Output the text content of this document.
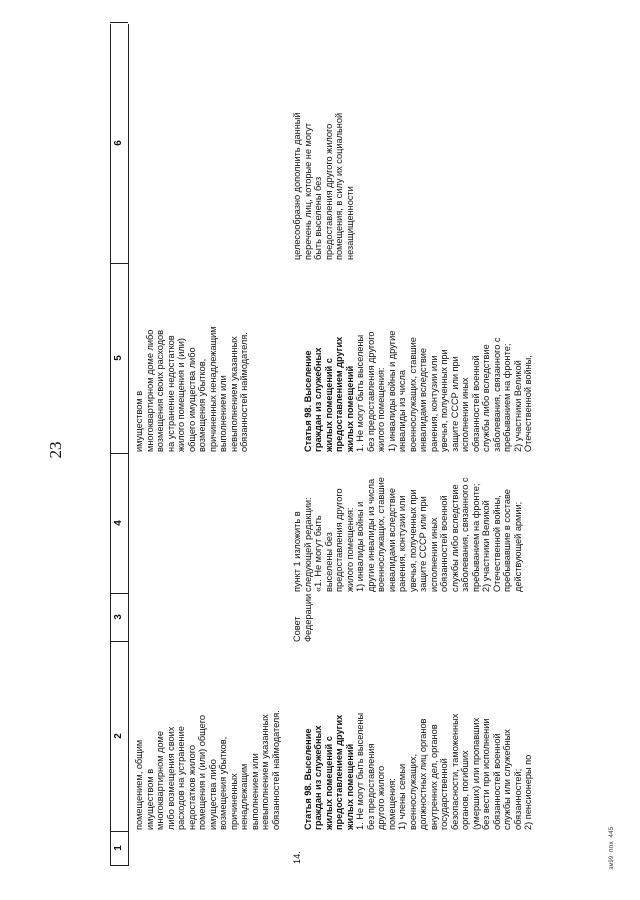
23
1
2
3
4
5
6
помещением, общим
имуществом в
многоквартирном доме
либо возмещения своих
расходов на устранение
недостатков жилого
помещения и (или) общего
имущества либо
возмещения убытков,
причиненных
ненадлежащим
выполнением или
невыполнением указанных
обязанностей наймодателя.
имуществом в
многоквартирном доме либо
возмещения своих расходов
на устранение недостатков
жилого помещения и (или)
общего имущества либо
возмещения убытков,
причиненных ненадлежащим
выполнением или
невыполнением указанных
обязанностей наймодателя.
14.

Статья 98. Выселение
граждан из служебных
жилых помещений с
предоставлением других
жилых помещений

1. Не могут быть выселены
без предоставления
другого жилого
помещения:
1) члены семьи
военнослужащих,
должностных лиц органов
внутренних дел, органов
государственной
безопасности, таможенных
органов, погибших
(умерших) или пропавших
без вести при исполнении
обязанностей военной
службы или служебных
обязанностей;
2) пенсионеры по

Совет
Федерации
пункт 1 изложить в
следующей редакции:
«1. Не могут быть
выселены без
предоставления другого
жилого помещения:
1) инвалиды войны и
другие инвалиды из числа
военнослужащих, ставшие
инвалидами вследствие
ранения, контузии или
увечья, полученных при
защите СССР или при
исполнении иных
обязанностей военной
службы либо вследствие
заболевания, связанного с
пребыванием на фронте;
2) участники Великой
Отечественной войны,
пребывавшие в составе
действующей армии;

Статья 98. Выселение
граждан из служебных
жилых помещений с
предоставлением других
жилых помещений

1. Не могут быть выселены
без предоставления другого
жилого помещения:
1) инвалиды войны и другие
инвалиды из числа
военнослужащих, ставшие
инвалидами вследствие
ранения, контузии или
увечья, полученных при
защите СССР или при
исполнении иных
обязанностей военной
службы либо вследствие
заболевания, связанного с
пребыванием на фронте;
2) участники Великой
Отечественной войны,

целесообразно дополнить данный
перечень лиц, которые не могут
быть выселены без
предоставления другого жилого
помещения, в силу их социальной
незащищенности
зм99 ппх 445
